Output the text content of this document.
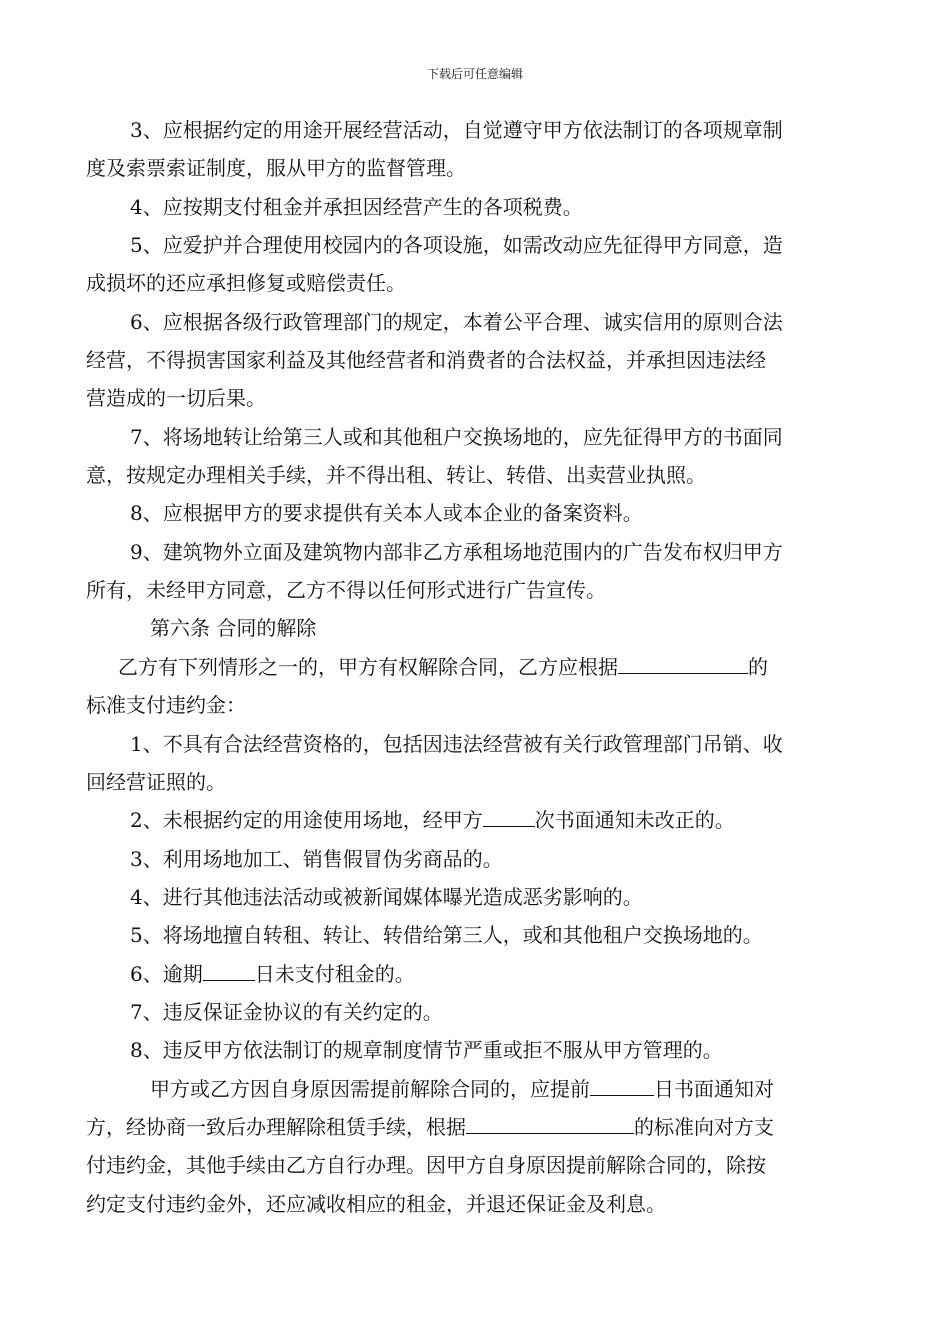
下载后可任意编辑
3、应根据约定的用途开展经营活动，自觉遵守甲方依法制订的各项规章制
度及索票索证制度，服从甲方的监督管理。
4、应按期支付租金并承担因经营产生的各项税费。
5、应爱护并合理使用校园内的各项设施，如需改动应先征得甲方同意，造
成损坏的还应承担修复或赔偿责任。
6、应根据各级行政管理部门的规定，本着公平合理、诚实信用的原则合法
经营，不得损害国家利益及其他经营者和消费者的合法权益，并承担因违法经
营造成的一切后果。
7、将场地转让给第三人或和其他租户交换场地的，应先征得甲方的书面同
意，按规定办理相关手续，并不得出租、转让、转借、出卖营业执照。
8、应根据甲方的要求提供有关本人或本企业的备案资料。
9、建筑物外立面及建筑物内部非乙方承租场地范围内的广告发布权归甲方
所有，未经甲方同意，乙方不得以任何形式进行广告宣传。
第六条 合同的解除
乙方有下列情形之一的，甲方有权解除合同，乙方应根据	的
标准支付违约金：
1、不具有合法经营资格的，包括因违法经营被有关行政管理部门吊销、收
回经营证照的。
2、未根据约定的用途使用场地，经甲方	次书面通知未改正的。
3、利用场地加工、销售假冒伪劣商品的。
4、进行其他违法活动或被新闻媒体曝光造成恶劣影响的。
5、将场地擅自转租、转让、转借给第三人，或和其他租户交换场地的。
6、逾期	日未支付租金的。
7、违反保证金协议的有关约定的。
8、违反甲方依法制订的规章制度情节严重或拒不服从甲方管理的。
甲方或乙方因自身原因需提前解除合同的，应提前	日书面通知对
方，经协商一致后办理解除租赁手续，根据	的标准向对方支
付违约金，其他手续由乙方自行办理。因甲方自身原因提前解除合同的，除按
约定支付违约金外，还应减收相应的租金，并退还保证金及利息。
